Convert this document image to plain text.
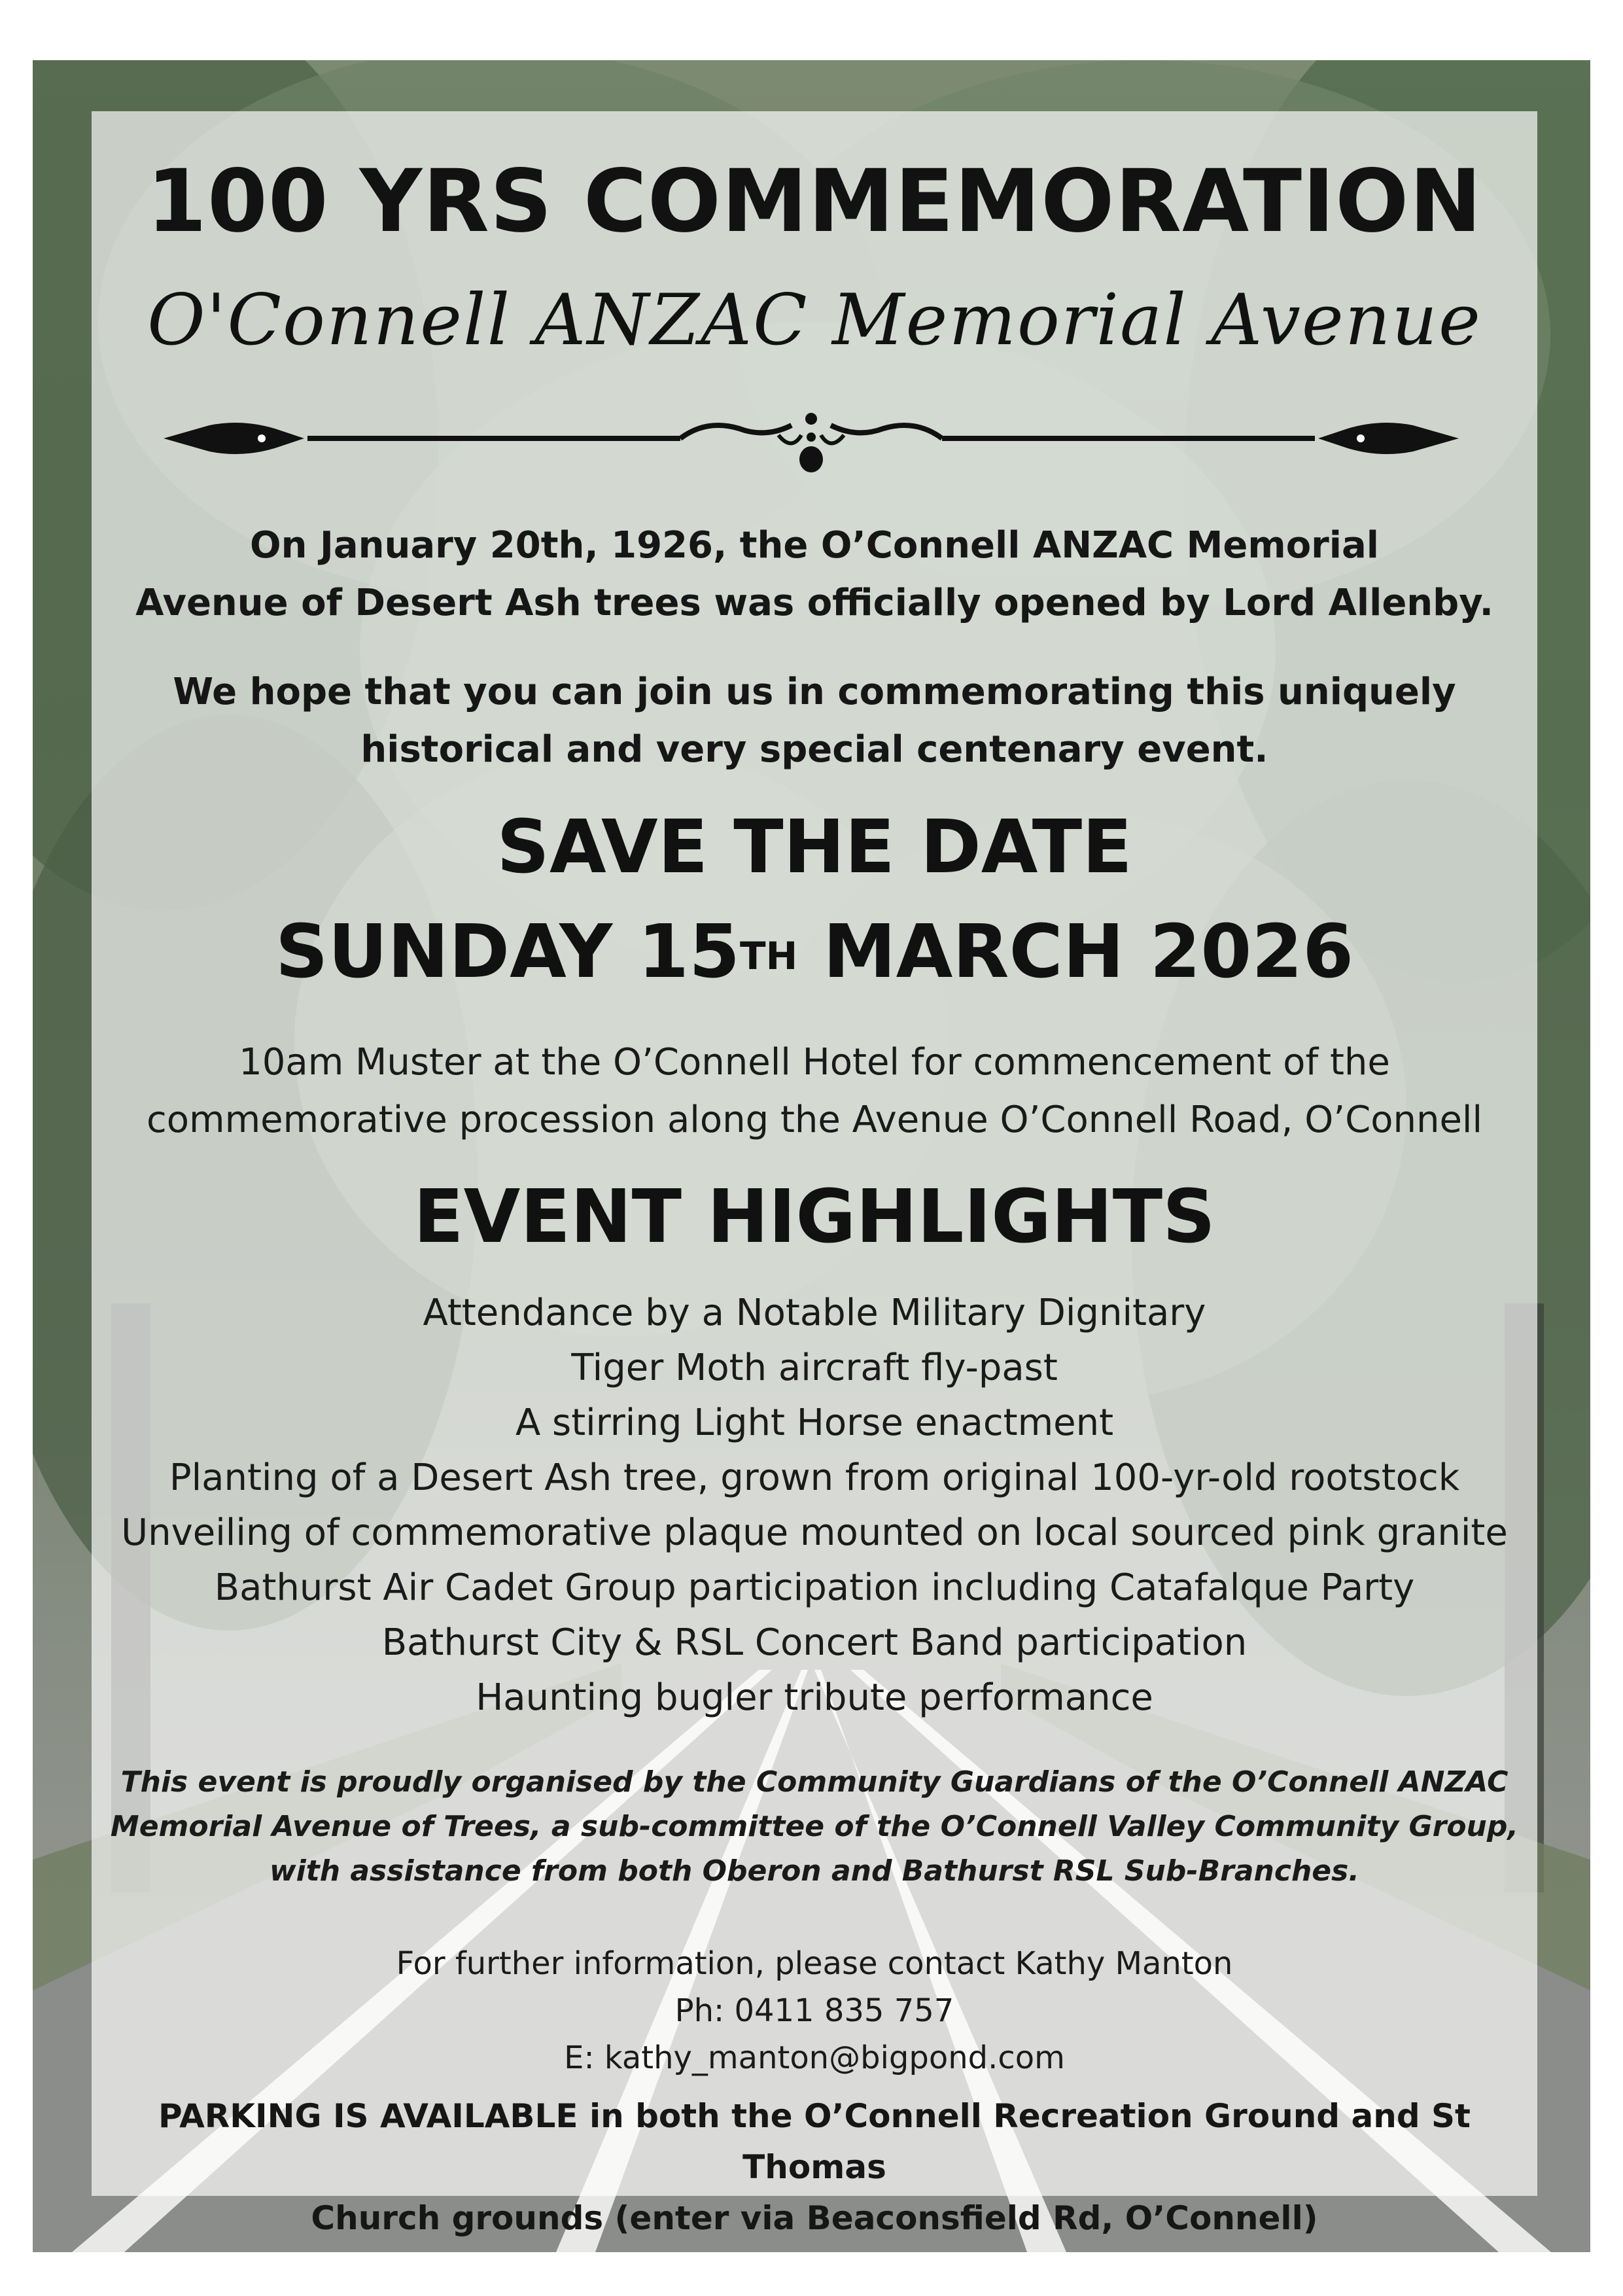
100 YRS COMMEMORATION
O'Connell ANZAC Memorial Avenue

On January 20th, 1926, the O’Connell ANZAC Memorial

Avenue of Desert Ash trees was officially opened by Lord Allenby.

We hope that you can join us in commemorating this uniquely

historical and very special centenary event.

SAVE THE DATE
SUNDAY 15TH MARCH 2026

10am Muster at the O’Connell Hotel for commencement of the

commemorative procession along the Avenue O’Connell Road, O’Connell

EVENT HIGHLIGHTS
Attendance by a Notable Military Dignitary
Tiger Moth aircraft fly-past
A stirring Light Horse enactment
Planting of a Desert Ash tree, grown from original 100-yr-old rootstock
Unveiling of commemorative plaque mounted on local sourced pink granite
Bathurst Air Cadet Group participation including Catafalque Party
Bathurst City & RSL Concert Band participation
Haunting bugler tribute performance

This event is proudly organised by the Community Guardians of the O’Connell ANZAC

Memorial Avenue of Trees, a sub-committee of the O’Connell Valley Community Group,

with assistance from both Oberon and Bathurst RSL Sub-Branches.

For further information, please contact Kathy Manton

Ph: 0411 835 757

E: kathy_manton@bigpond.com

PARKING IS AVAILABLE in both the O’Connell Recreation Ground and St Thomas

Church grounds (enter via Beaconsfield Rd, O’Connell)
